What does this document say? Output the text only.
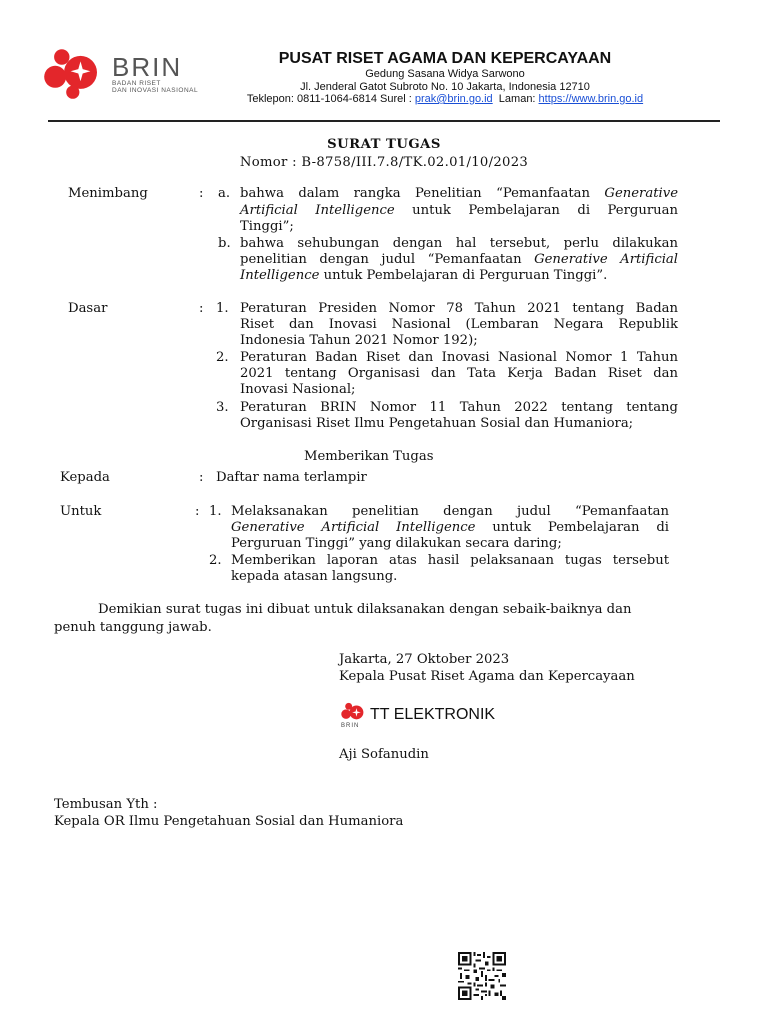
BRIN
BADAN RISET
DAN INOVASI NASIONAL
PUSAT RISET AGAMA DAN KEPERCAYAAN
Gedung Sasana Widya Sarwono
Jl. Jenderal Gatot Subroto No. 10 Jakarta, Indonesia 12710
Teklepon: 0811-1064-6814 Surel : prak@brin.go.id  Laman: https://www.brin.go.id
SURAT TUGAS
Nomor : B-8758/III.7.8/TK.02.01/10/2023
Menimbang	: a. bahwa dalam rangka Penelitian “Pemanfaatan Generative
Artificial Intelligence untuk Pembelajaran di Perguruan
Tinggi”;
b. bahwa sehubungan dengan hal tersebut, perlu dilakukan
penelitian dengan judul “Pemanfaatan Generative Artificial
Intelligence untuk Pembelajaran di Perguruan Tinggi”.
Dasar	: 1. Peraturan Presiden Nomor 78 Tahun 2021 tentang Badan
Riset dan Inovasi Nasional (Lembaran Negara Republik
Indonesia Tahun 2021 Nomor 192);
2. Peraturan Badan Riset dan Inovasi Nasional Nomor 1 Tahun
2021 tentang Organisasi dan Tata Kerja Badan Riset dan
Inovasi Nasional;
3. Peraturan BRIN Nomor 11 Tahun 2022 tentang tentang
Organisasi Riset Ilmu Pengetahuan Sosial dan Humaniora;
Memberikan Tugas
Kepada	: Daftar nama terlampir
Untuk	: 1. Melaksanakan penelitian dengan judul “Pemanfaatan
Generative Artificial Intelligence untuk Pembelajaran di
Perguruan Tinggi” yang dilakukan secara daring;
2. Memberikan laporan atas hasil pelaksanaan tugas tersebut
kepada atasan langsung.
Demikian surat tugas ini dibuat untuk dilaksanakan dengan sebaik-baiknya dan
penuh tanggung jawab.
Jakarta, 27 Oktober 2023
Kepala Pusat Riset Agama dan Kepercayaan
BRIN
TT ELEKTRONIK
Aji Sofanudin
Tembusan Yth :
Kepala OR Ilmu Pengetahuan Sosial dan Humaniora
